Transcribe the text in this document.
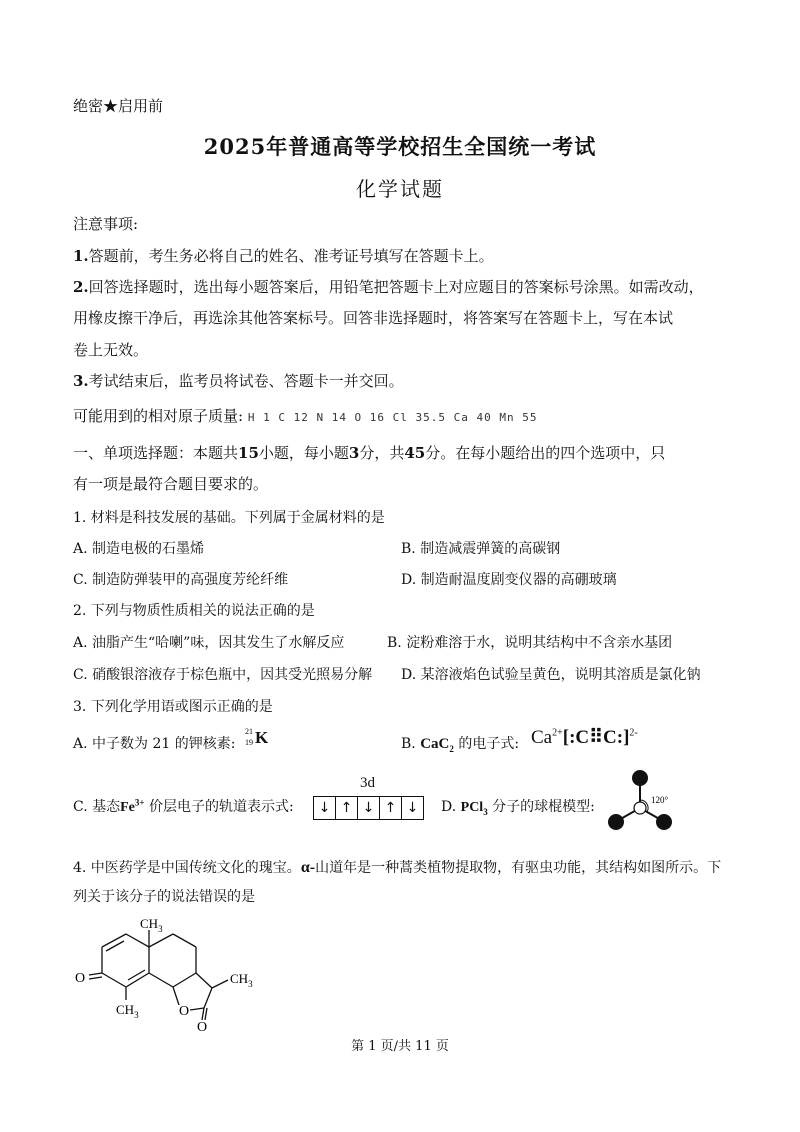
绝密★启用前
2025年普通高等学校招生全国统一考试
化学试题
注意事项:
1.答题前，考生务必将自己的姓名、准考证号填写在答题卡上。
2.回答选择题时，选出每小题答案后，用铅笔把答题卡上对应题目的答案标号涂黑。如需改动，
用橡皮擦干净后，再选涂其他答案标号。回答非选择题时，将答案写在答题卡上，写在本试
卷上无效。
3.考试结束后，监考员将试卷、答题卡一并交回。
可能用到的相对原子质量: H 1 C 12 N 14 O 16 Cl 35.5 Ca 40 Mn 55
一、单项选择题：本题共15小题，每小题3分，共45分。在每小题给出的四个选项中，只
有一项是最符合题目要求的。
1. 材料是科技发展的基础。下列属于金属材料的是
A. 制造电极的石墨烯	B. 制造减震弹簧的高碳钢
C. 制造防弹装甲的高强度芳纶纤维	D. 制造耐温度剧变仪器的高硼玻璃
2. 下列与物质性质相关的说法正确的是
A. 油脂产生“哈喇”味，因其发生了水解反应	B. 淀粉难溶于水，说明其结构中不含亲水基团
C. 硝酸银溶液存于棕色瓶中，因其受光照易分解 D. 某溶液焰色试验呈黄色，说明其溶质是氯化钠
3. 下列化学用语或图示正确的是
A. 中子数为 21 的钾核素:
21
19 K	B. CaC$_2$ 的电子式: $Ca^{2+}[:C⠿C:]^{2-}$
C. 基态$Fe^{3+}$ 价层电子的轨道表示式:
3d
↓ ↑ ↓ ↑ ↓	D. PCl$_3$ 分子的球棍模型:	120°
4. 中医药学是中国传统文化的瑰宝。α-山道年是一种蒿类植物提取物，有驱虫功能，其结构如图所示。下
列关于该分子的说法错误的是
$CH_3$
$CH_3$
$CH_3$
O
O
O
第 1 页/共 11 页
